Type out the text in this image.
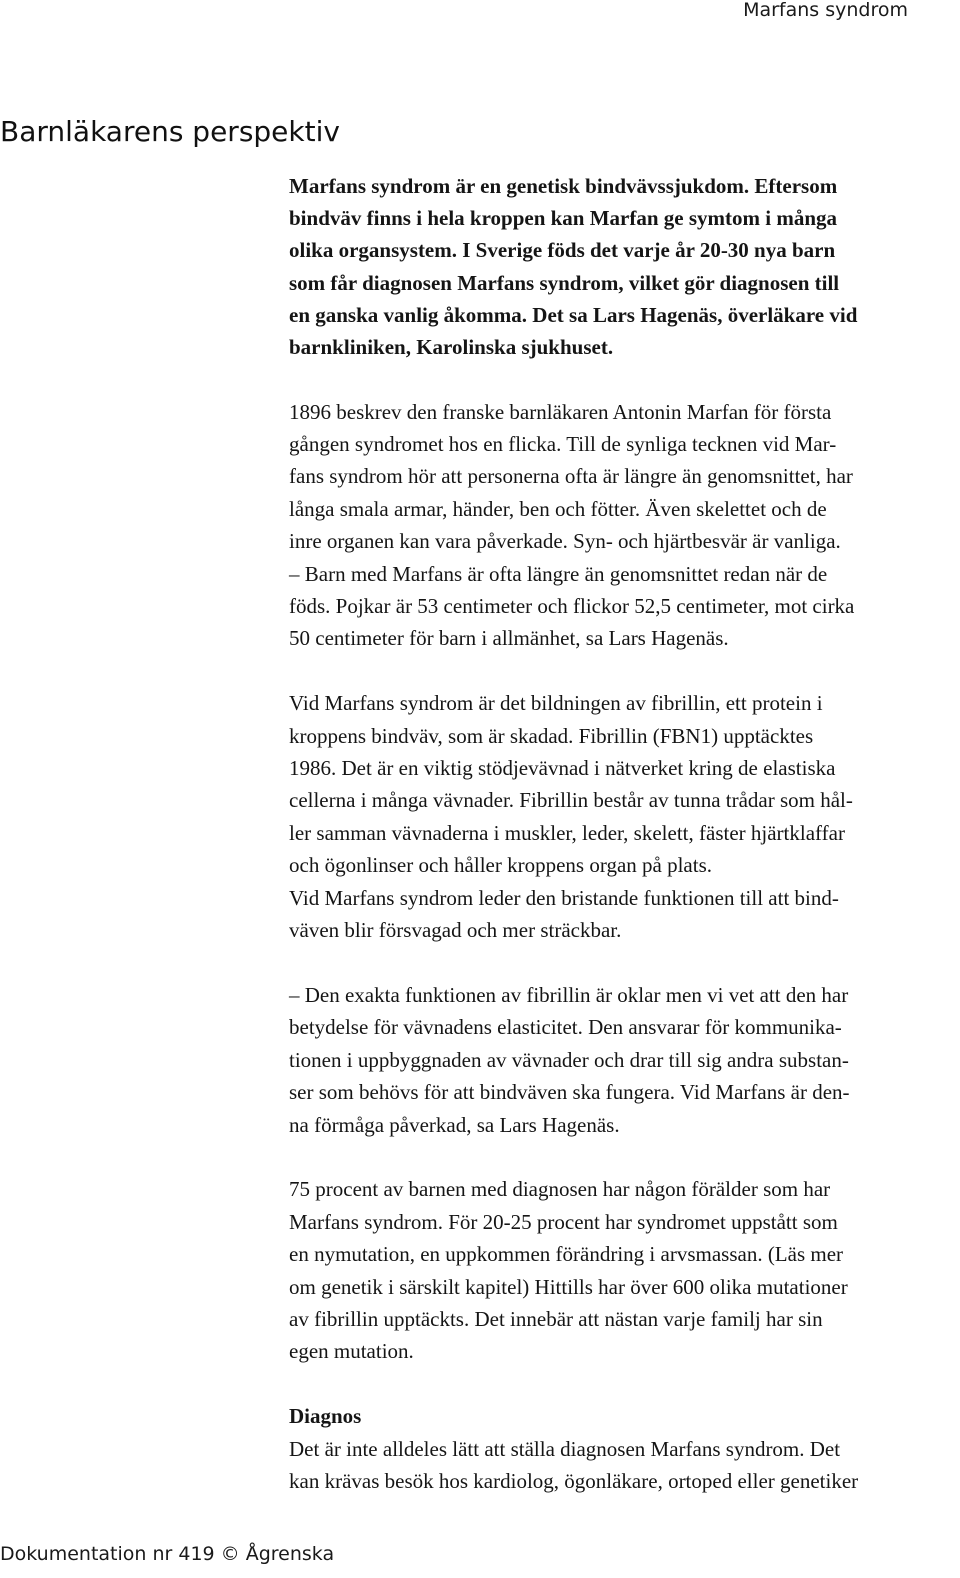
Marfans syndrom
Barnläkarens perspektiv

Marfans syndrom är en genetisk bindvävssjukdom. Eftersom
bindväv finns i hela kroppen kan Marfan ge symtom i många
olika organsystem. I Sverige föds det varje år 20-30 nya barn
som får diagnosen Marfans syndrom, vilket gör diagnosen till
en ganska vanlig åkomma. Det sa Lars Hagenäs, överläkare vid
barnkliniken, Karolinska sjukhuset.

1896 beskrev den franske barnläkaren Antonin Marfan för första
gången syndromet hos en flicka. Till de synliga tecknen vid Mar-
fans syndrom hör att personerna ofta är längre än genomsnittet, har
långa smala armar, händer, ben och fötter. Även skelettet och de
inre organen kan vara påverkade. Syn- och hjärtbesvär är vanliga.
– Barn med Marfans är ofta längre än genomsnittet redan när de
föds. Pojkar är 53 centimeter och flickor 52,5 centimeter, mot cirka
50 centimeter för barn i allmänhet, sa Lars Hagenäs.

Vid Marfans syndrom är det bildningen av fibrillin, ett protein i
kroppens bindväv, som är skadad. Fibrillin (FBN1) upptäcktes
1986. Det är en viktig stödjevävnad i nätverket kring de elastiska
cellerna i många vävnader. Fibrillin består av tunna trådar som hål-
ler samman vävnaderna i muskler, leder, skelett, fäster hjärtklaffar
och ögonlinser och håller kroppens organ på plats.
Vid Marfans syndrom leder den bristande funktionen till att bind-
väven blir försvagad och mer sträckbar.

– Den exakta funktionen av fibrillin är oklar men vi vet att den har
betydelse för vävnadens elasticitet. Den ansvarar för kommunika-
tionen i uppbyggnaden av vävnader och drar till sig andra substan-
ser som behövs för att bindväven ska fungera. Vid Marfans är den-
na förmåga påverkad, sa Lars Hagenäs.

75 procent av barnen med diagnosen har någon förälder som har
Marfans syndrom. För 20-25 procent har syndromet uppstått som
en nymutation, en uppkommen förändring i arvsmassan. (Läs mer
om genetik i särskilt kapitel) Hittills har över 600 olika mutationer
av fibrillin upptäckts. Det innebär att nästan varje familj har sin
egen mutation.

Diagnos

Det är inte alldeles lätt att ställa diagnosen Marfans syndrom. Det
kan krävas besök hos kardiolog, ögonläkare, ortoped eller genetiker

Dokumentation nr 419 © Ågrenska
